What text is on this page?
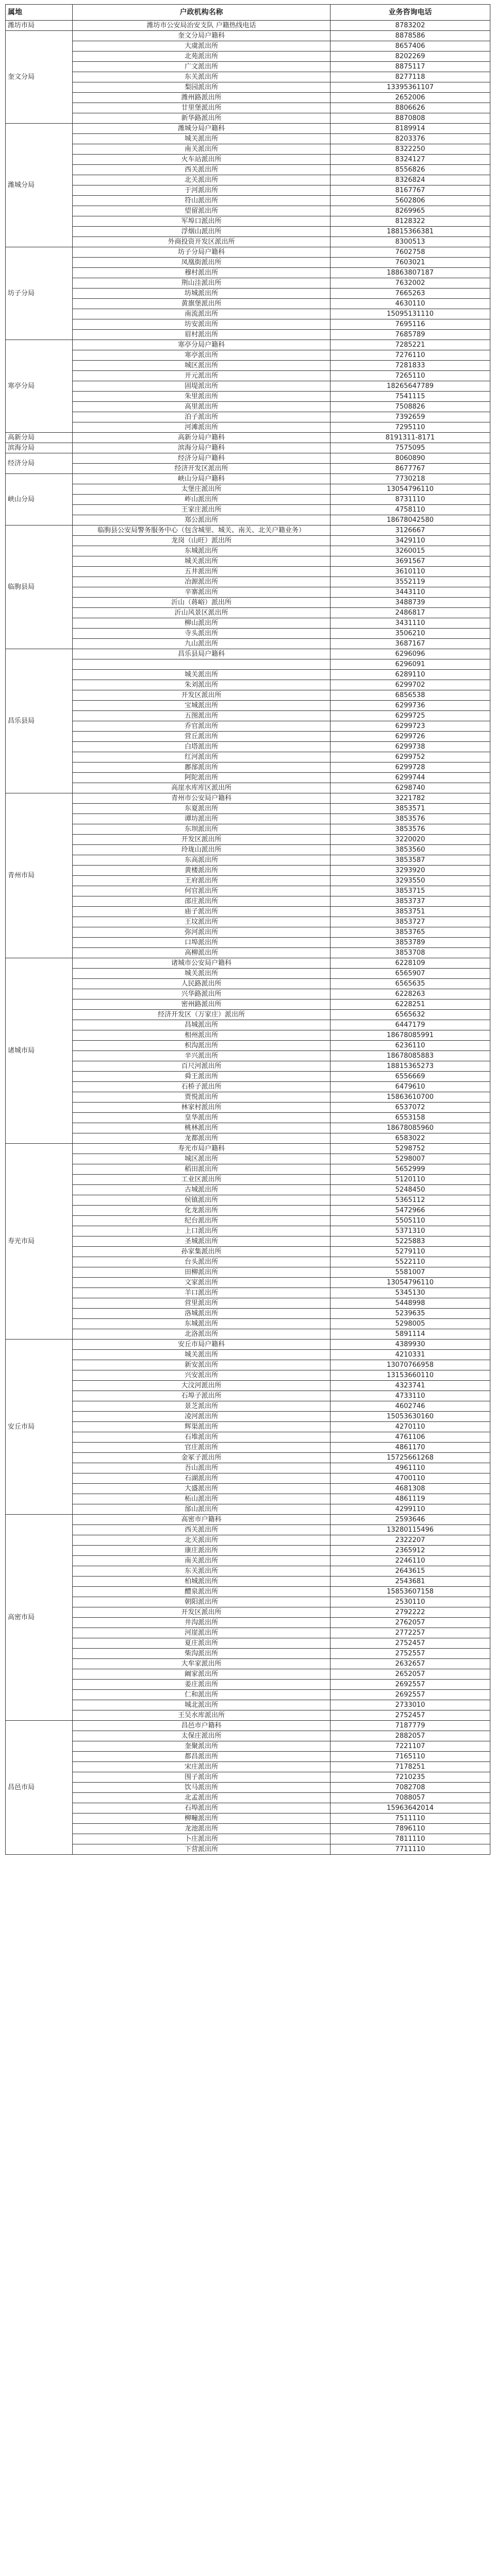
属地	户政机构名称	业务咨询电话
潍坊市局	潍坊市公安局治安支队 户籍热线电话	8783202
奎文分局	奎文分局户籍科	8878586
	大虞派出所	8657406
	北苑派出所	8202269
	广文派出所	8875117
	东关派出所	8277118
	梨园派出所	13395361107
	潍州路派出所	2652006
	廿里堡派出所	8806626
	新华路派出所	8870808
潍城分局	潍城分局户籍科	8189914
	城关派出所	8203376
	南关派出所	8322250
	火车站派出所	8324127
	西关派出所	8556826
	北关派出所	8326824
	于河派出所	8167767
	符山派出所	5602806
	望留派出所	8269965
	军埠口派出所	8128322
	浮烟山派出所	18815366381
	外商投资开发区派出所	8300513
坊子分局	坊子分局户籍科	7602758
	凤凰街派出所	7603021
	穆村派出所	18863807187
	荆山洼派出所	7632002
	坊城派出所	7665263
	黄旗堡派出所	4630110
	南流派出所	15095131110
	坊安派出所	7695116
	眉村派出所	7685789
寒亭分局	寒亭分局户籍科	7285221
	寒亭派出所	7276110
	城区派出所	7281833
	开元派出所	7265110
	固堤派出所	18265647789
	朱里派出所	7541115
	高里派出所	7508826
	泊子派出所	7392659
	河滩派出所	7295110
高新分局	高新分局户籍科	8191311-8171
滨海分局	滨海分局户籍科	7575095
经济分局	经济分局户籍科	8060890
	经济开发区派出所	8677767
峡山分局	峡山分局户籍科	7730218
	太堡庄派出所	13054796110
	岞山派出所	8731110
	王家庄派出所	4758110
	郑公派出所	18678042580
临朐县局	临朐县公安局警务服务中心（包含城里、城关、南关、北关户籍业务）	3126667
	龙岗（山旺）派出所	3429110
	东城派出所	3260015
	城关派出所	3691567
	五井派出所	3610110
	冶源派出所	3552119
	辛寨派出所	3443110
	沂山（蒋峪）派出所	3488739
	沂山风景区派出所	2486817
	柳山派出所	3431110
	寺头派出所	3506210
	九山派出所	3687167
昌乐县局	昌乐县局户籍科	6296096
		6296091
	城关派出所	6289110
	朱刘派出所	6299702
	开发区派出所	6856538
	宝城派出所	6299736
	五图派出所	6299725
	乔官派出所	6299723
	营丘派出所	6299726
	白塔派出所	6299738
	红河派出所	6299752
	鄌郚派出所	6299728
	阿陀派出所	6299744
	高崖水库库区派出所	6298740
青州市局	青州市公安局户籍科	3221782
	东夏派出所	3853571
	谭坊派出所	3853576
	东坝派出所	3853576
	开发区派出所	3220020
	玲珑山派出所	3853560
	东高派出所	3853587
	黄楼派出所	3293920
	王府派出所	3293550
	何官派出所	3853715
	邵庄派出所	3853737
	庙子派出所	3853751
	王坟派出所	3853727
	弥河派出所	3853765
	口埠派出所	3853789
	高柳派出所	3853708
诸城市局	诸城市公安局户籍科	6228109
	城关派出所	6565907
	人民路派出所	6565635
	兴华路派出所	6228263
	密州路派出所	6228251
	经济开发区（万家庄）派出所	6565632
	昌城派出所	6447179
	相州派出所	18678085991
	枳沟派出所	6236110
	辛兴派出所	18678085883
	百尺河派出所	18815365273
	舜王派出所	6556669
	石桥子派出所	6479610
	贾悦派出所	15863610700
	林家村派出所	6537072
	皇华派出所	6553158
	桃林派出所	18678085960
	龙都派出所	6583022
寿光市局	寿光市局户籍科	5298752
	城区派出所	5298007
	稻田派出所	5652999
	工业区派出所	5120110
	古城派出所	5248450
	侯镇派出所	5365112
	化龙派出所	5472966
	纪台派出所	5505110
	上口派出所	5371310
	圣城派出所	5225883
	孙家集派出所	5279110
	台头派出所	5522110
	田柳派出所	5581007
	文家派出所	13054796110
	羊口派出所	5345130
	营里派出所	5448998
	洛城派出所	5239635
	东城派出所	5298005
	北洛派出所	5891114
安丘市局	安丘市局户籍科	4389930
	城关派出所	4210331
	新安派出所	13070766958
	兴安派出所	13153660110
	大汶河派出所	4323741
	石埠子派出所	4733110
	景芝派出所	4602746
	凌河派出所	15053630160
	辉渠派出所	4270110
	石堆派出所	4761106
	官庄派出所	4861170
	金冢子派出所	15725661268
	吾山派出所	4961110
	石湖派出所	4700110
	大盛派出所	4681308
	柘山派出所	4861119
	郚山派出所	4299110
高密市局	高密市户籍科	2593646
	西关派出所	13280115496
	北关派出所	2322207
	康庄派出所	2365912
	南关派出所	2246110
	东关派出所	2643615
	柏城派出所	2543681
	醴泉派出所	15853607158
	朝阳派出所	2530110
	开发区派出所	2792222
	井沟派出所	2762057
	河崖派出所	2772257
	夏庄派出所	2752457
	柴沟派出所	2752557
	大牟家派出所	2632657
	阚家派出所	2652057
	姜庄派出所	2692557
	仁和派出所	2692557
	城北派出所	2733010
	王吴水库派出所	2752457
昌邑市局	昌邑市户籍科	7187779
	太保庄派出所	2882057
	奎聚派出所	7221107
	都昌派出所	7165110
	宋庄派出所	7178251
	围子派出所	7210235
	饮马派出所	7082708
	北孟派出所	7088057
	石埠派出所	15963642014
	柳疃派出所	7511110
	龙池派出所	7896110
	卜庄派出所	7811110
	下营派出所	7711110
